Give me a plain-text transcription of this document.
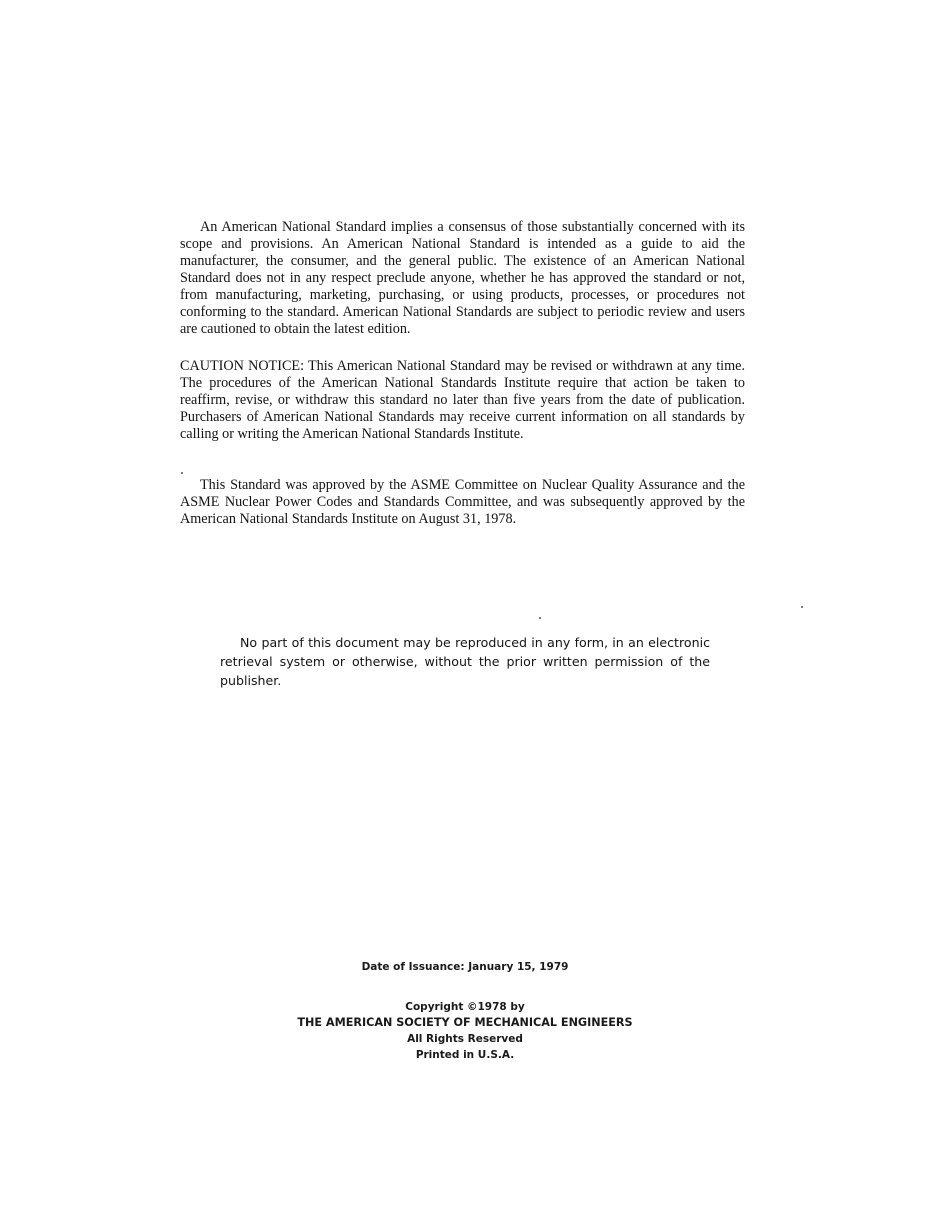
An American National Standard implies a consensus of those substantially concerned with its scope and provisions. An American National Standard is intended as a guide to aid the manufacturer, the consumer, and the general public. The existence of an American National Standard does not in any respect preclude anyone, whether he has approved the standard or not, from manufacturing, marketing, purchasing, or using products, processes, or procedures not conforming to the standard. American National Standards are subject to periodic review and users are cautioned to obtain the latest edition.

CAUTION NOTICE: This American National Standard may be revised or withdrawn at any time. The procedures of the American National Standards Institute require that action be taken to reaffirm, revise, or withdraw this standard no later than five years from the date of publication. Purchasers of American National Standards may receive current information on all standards by calling or writing the American National Standards Institute.

This Standard was approved by the ASME Committee on Nuclear Quality Assurance and the ASME Nuclear Power Codes and Standards Committee, and was subsequently approved by the American National Standards Institute on August 31, 1978.

No part of this document may be reproduced in any form, in an electronic retrieval system or otherwise, without the prior written permission of the publisher.

Date of Issuance: January 15, 1979
Copyright ©1978 by
THE AMERICAN SOCIETY OF MECHANICAL ENGINEERS
All Rights Reserved
Printed in U.S.A.
